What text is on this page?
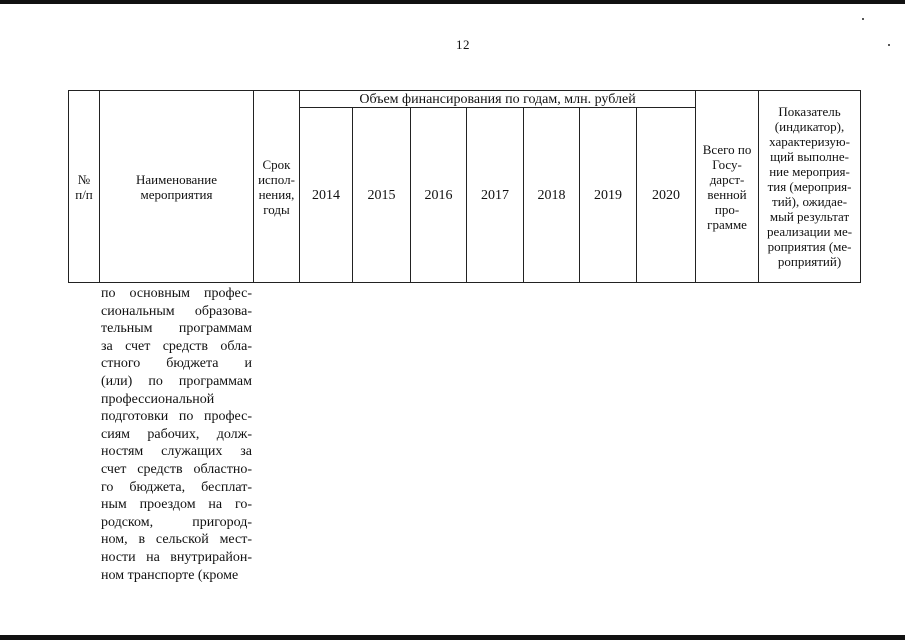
12
№ п/п	Наименование мероприятия	Срок испол-нения, годы	Объем финансирования по годам, млн. рублей							Всего по Госу-дарст-венной про-грамме	Показатель (индикатор), характеризую-щий выполне-ние мероприя-тия (мероприя-тий), ожидае-мый результат реализации ме-роприятия (ме-роприятий)
			2014	2015	2016	2017	2018	2019	2020		
по основным профес-
сиональным образова-
тельным программам
за счет средств обла-
стного бюджета и
(или) по программам
профессиональной
подготовки по профес-
сиям рабочих, долж-
ностям служащих за
счет средств областно-
го бюджета, бесплат-
ным проездом на го-
родском, пригород-
ном, в сельской мест-
ности на внутрирайон-
ном транспорте (кроме
